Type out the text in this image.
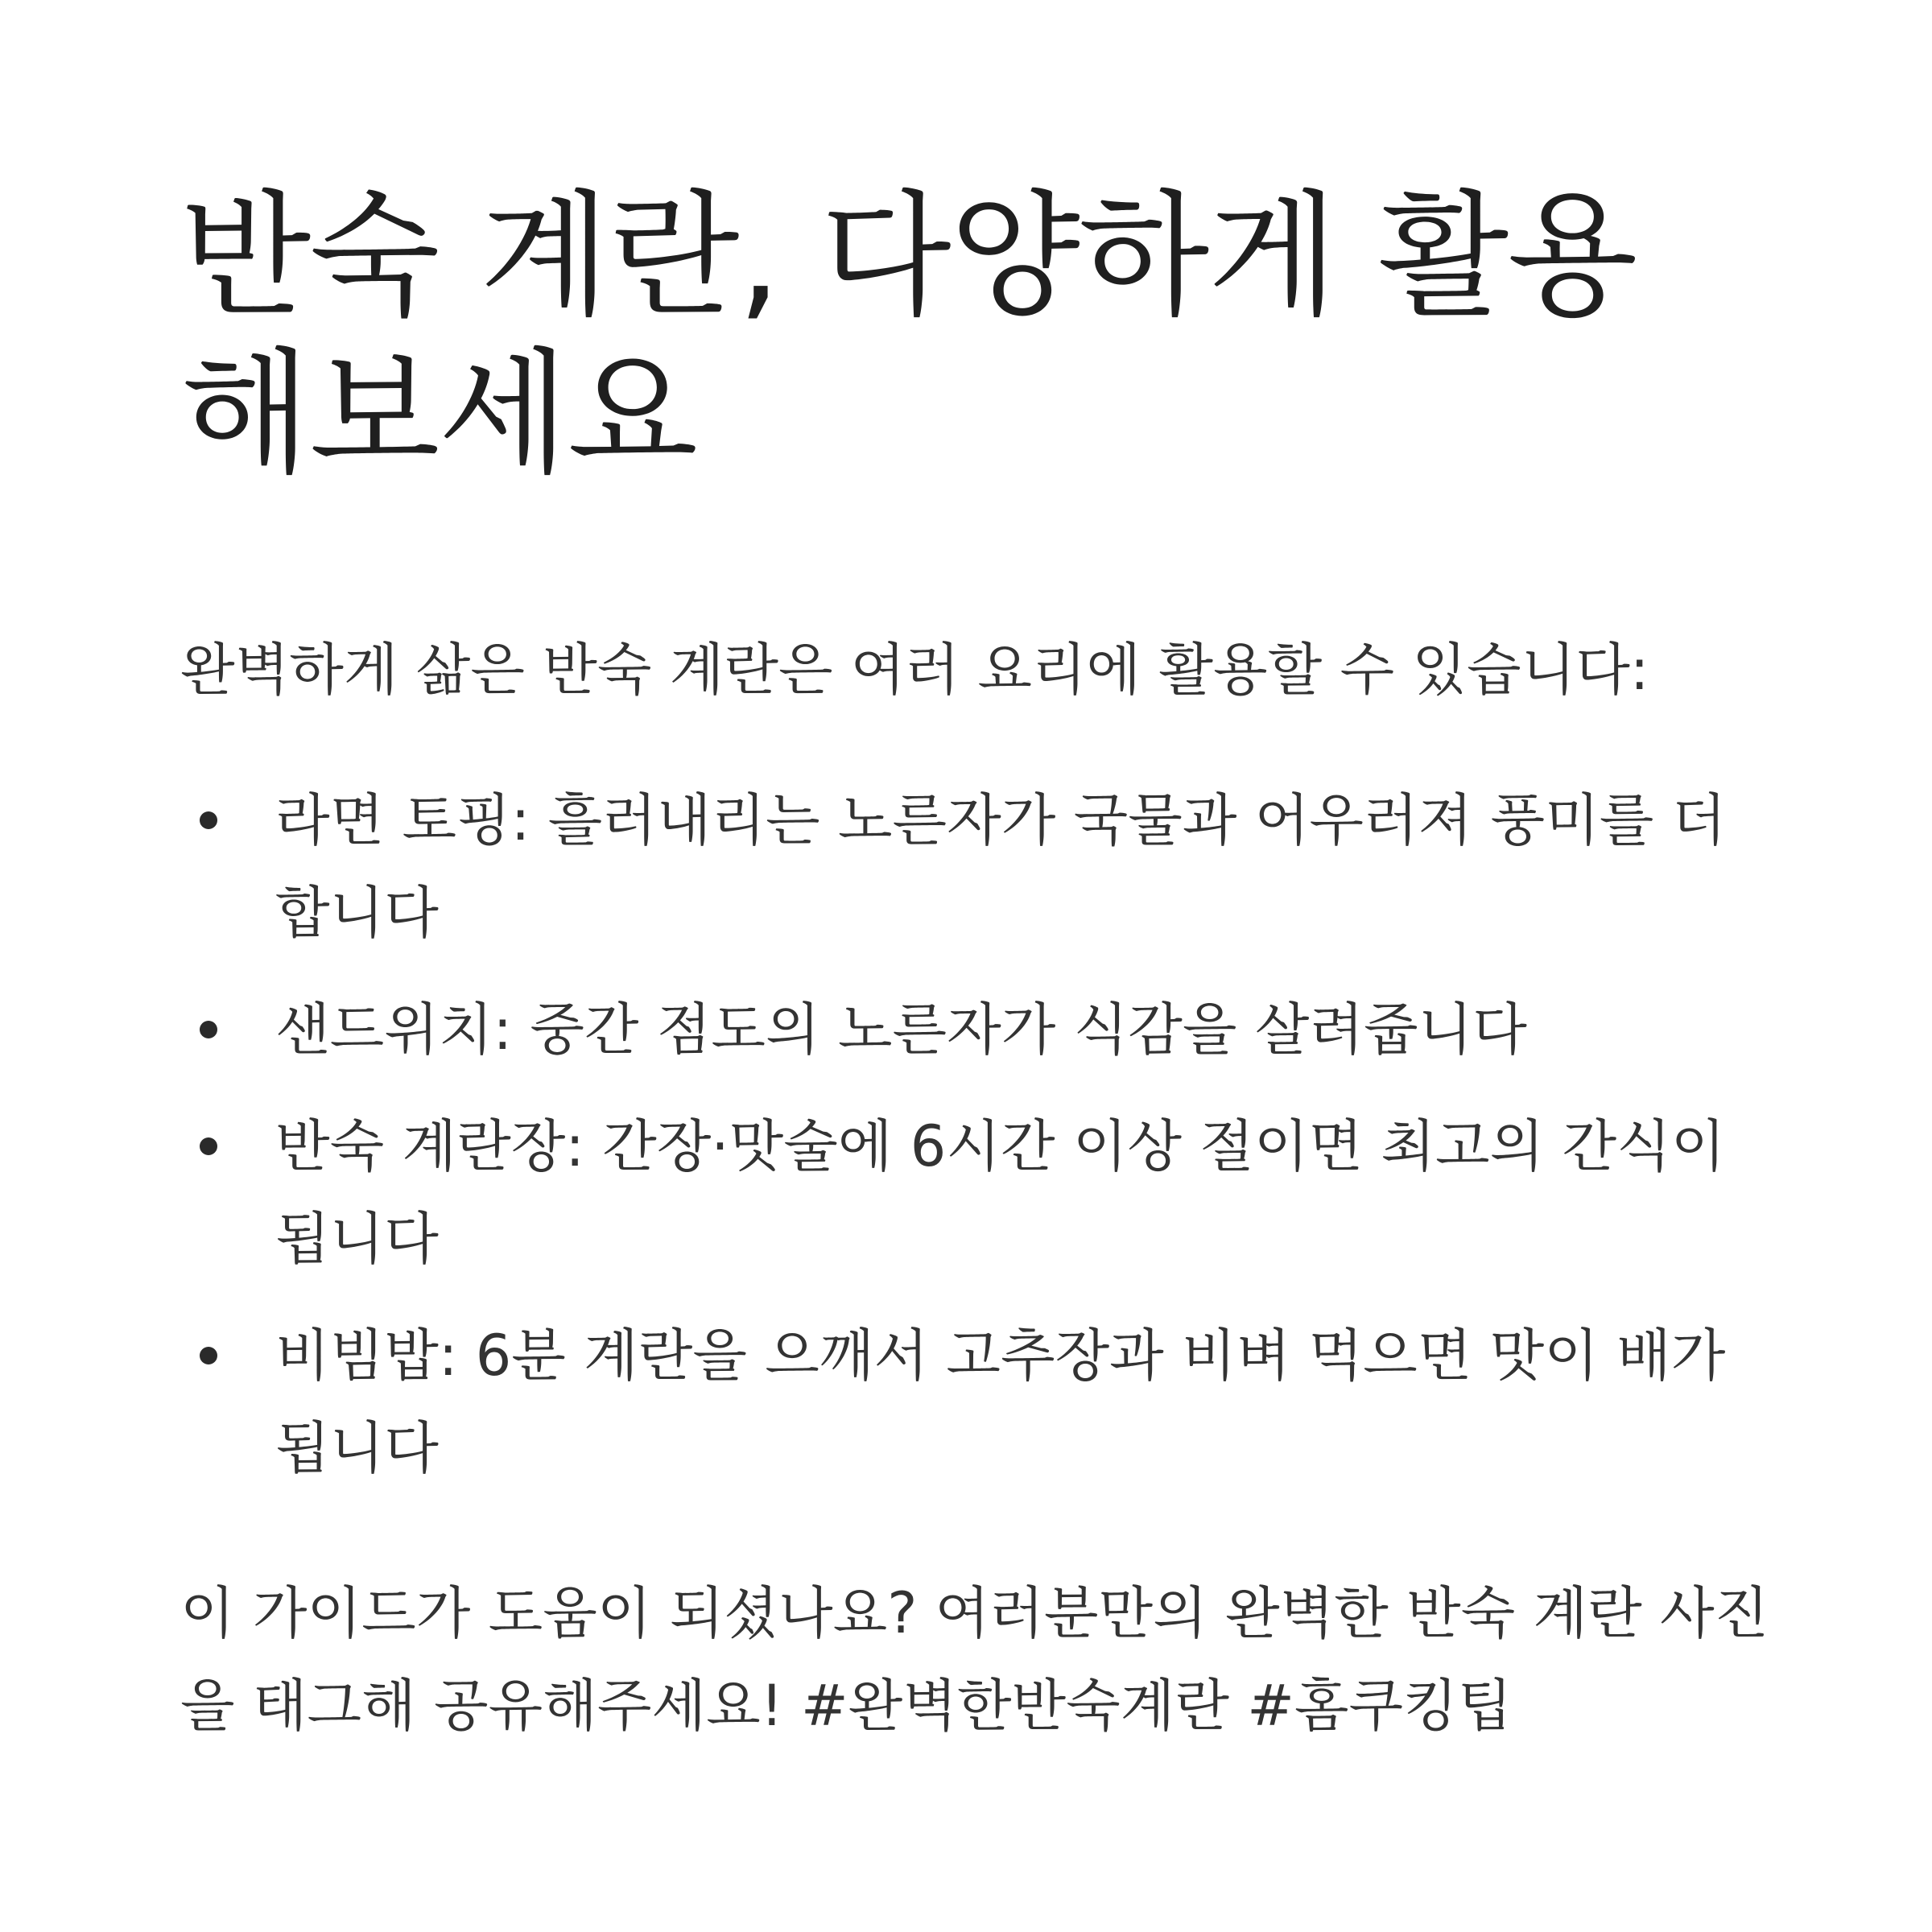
반숙 계란, 다양하게 활용해보세요

완벽하게 삶은 반숙 계란은 여러 요리에 활용할 수 있습니다:

라면 토핑: 흘러내리는 노른자가 국물과 어우러져 풍미를 더합니다
샌드위치: 중간 점도의 노른자가 식감을 살려줍니다
반숙 계란장: 간장·맛술에 6시간 이상 절이면 최고의 간식이 됩니다
비빔밥: 6분 계란을 으깨서 고추장과 비벼 먹으면 맛이 배가됩니다

이 가이드가 도움이 되셨나요? 여러분만의 완벽한 반숙 계란 사진을 태그해 공유해주세요! #완벽한반숙계란 #홈쿠킹팁
